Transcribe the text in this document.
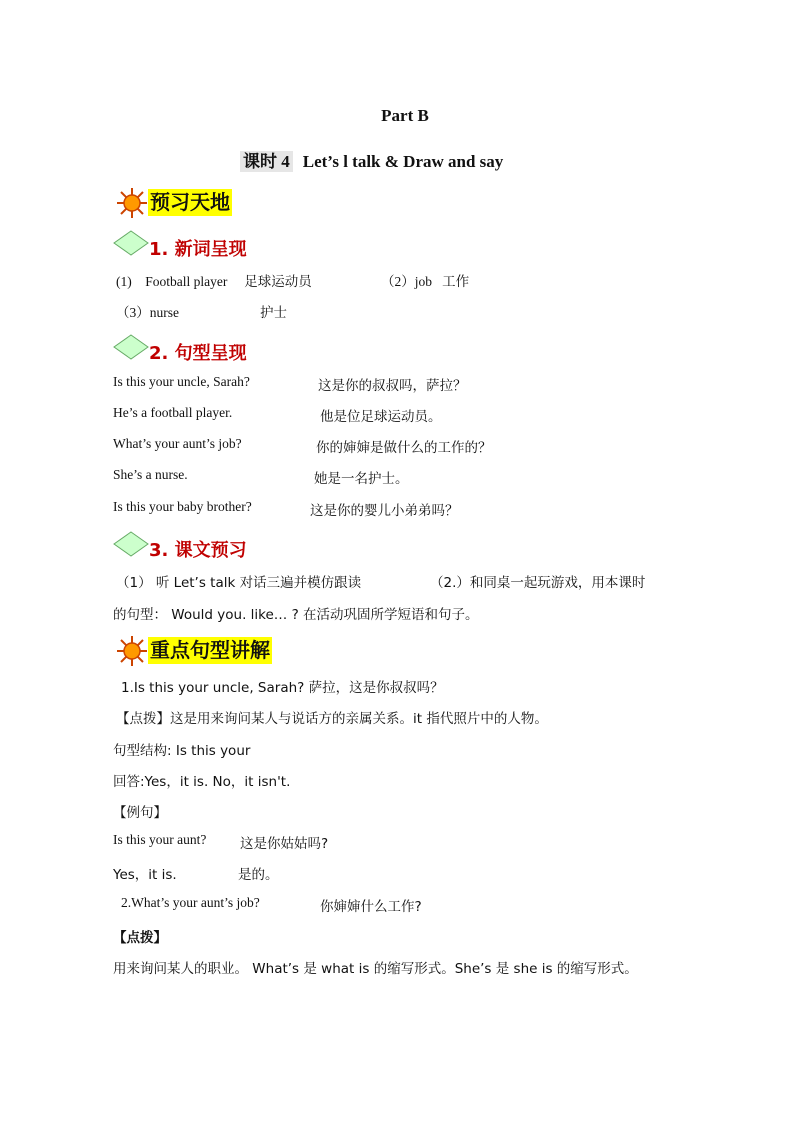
Part B
课时 4 Let’s l talk & Draw and say
预习天地
1. 新词呈现
(1) Football player 足球运动员	（2）job 工作
（3）nurse	护士
2. 句型呈现
Is this your uncle, Sarah?	这是你的叔叔吗，萨拉？
He’s a football player.	他是位足球运动员。
What’s your aunt’s job?	你的婶婶是做什么的工作的？
She’s a nurse.	她是一名护士。
Is this your baby brother?	这是你的婴儿小弟弟吗？
3. 课文预习
（1） 听 Let’s talk 对话三遍并模仿跟读	（2.）和同桌一起玩游戏，用本课时
的句型： Would you. like… ? 在活动巩固所学短语和句子。
重点句型讲解
1.Is this your uncle, Sarah? 萨拉，这是你叔叔吗？
【点拨】这是用来询问某人与说话方的亲属关系。it 指代照片中的人物。
句型结构: Is this your
回答:Yes，it is. No，it isn't.
【例句】
Is this your aunt? 这是你姑姑吗?
Yes，it is.	是的。
2.What’s your aunt’s job?	你婶婶什么工作?
【点拨】
用来询问某人的职业。 What’s 是 what is 的缩写形式。She’s 是 she is 的缩写形式。
